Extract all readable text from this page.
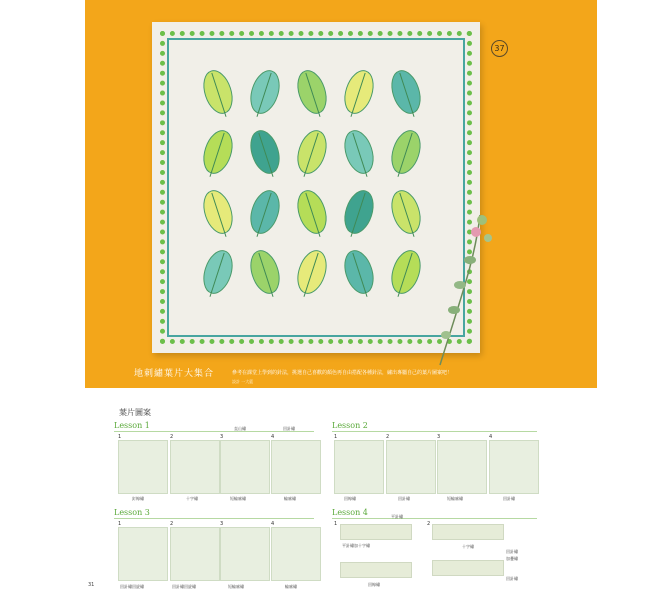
37
地刺繡葉片大集合	參考在課堂上學到的針法，挑選自己喜歡的顏色再自由搭配各種針法，繡出專屬自己的葉片圖案吧！
設計 一大藍
葉片圖案
Lesson 1
1
釘線繡
2
十字繡
3
直山繡
短輪廓繡
4
回針繡
輪廓繡
Lesson 2
1
回線繡
2
回針繡
3
短輪廓繡
4
回針繡
Lesson 3
1
回針繡回旋繡
2
回針繡回旋繡
3
短輪廓繡
4
輪廓繡
Lesson 4
1
平針繡
平針繡加十字繡
回線繡
2
十字繡
回針繡
加疊繡
回針繡
31
